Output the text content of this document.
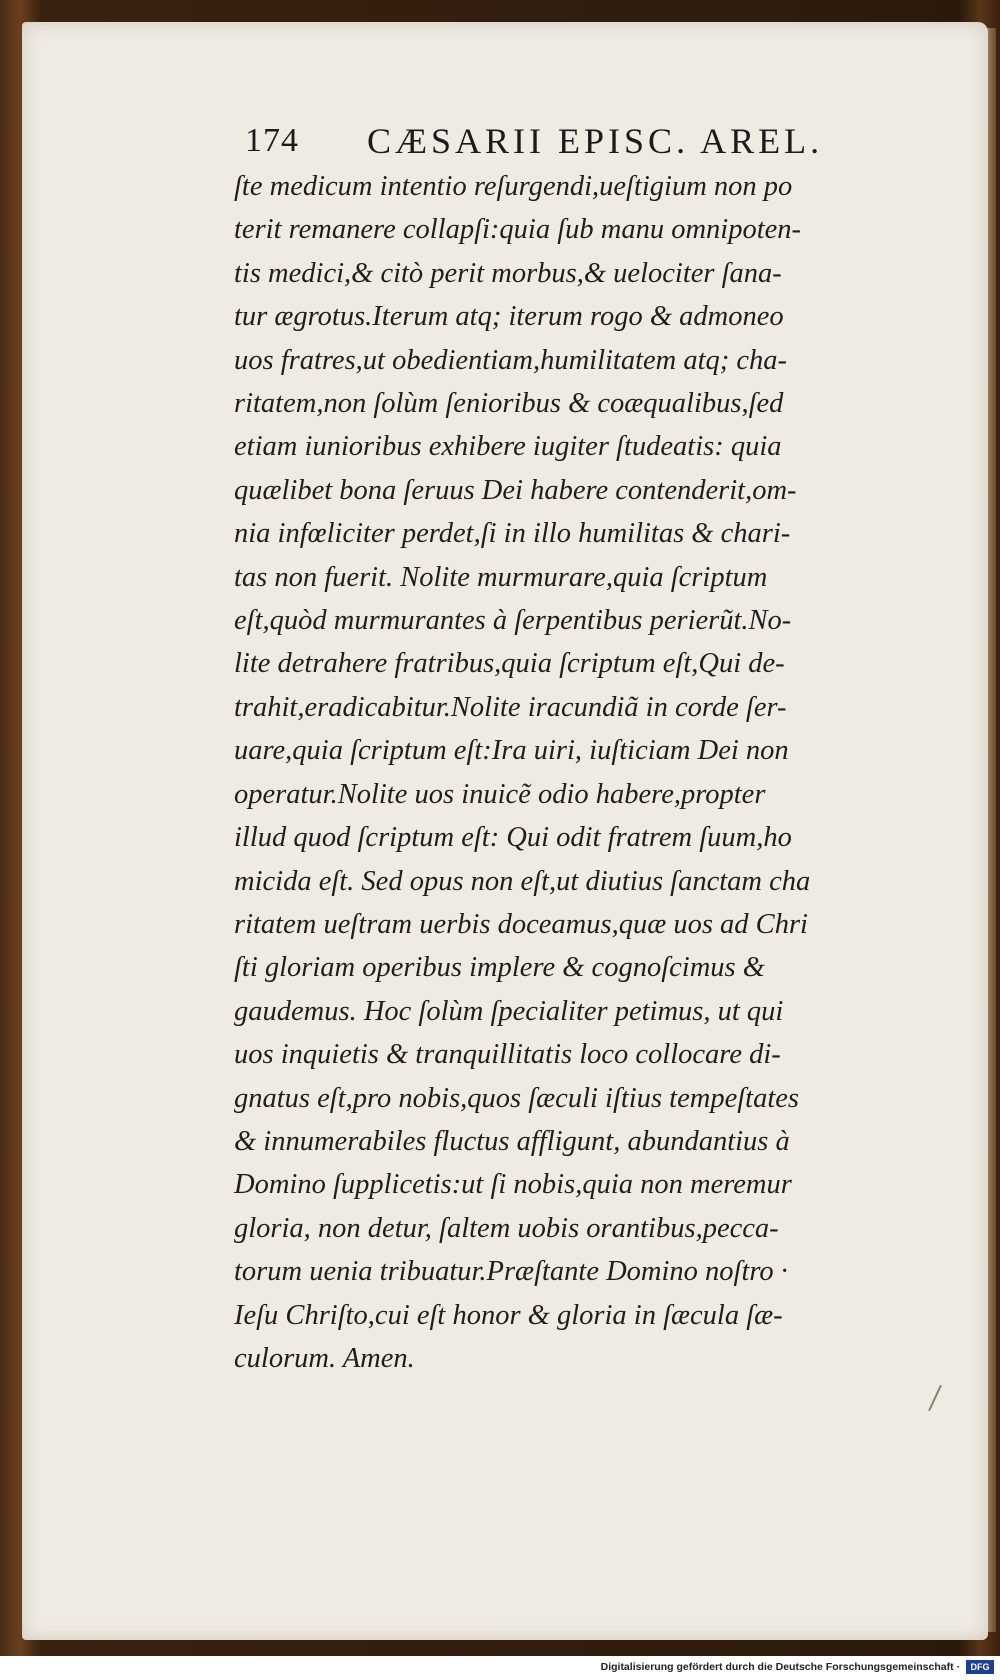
174 CÆSARII EPISC. AREL.
ſte medicum intentio reſurgendi,ueſtigium non po
terit remanere collapſi:quia ſub manu omnipoten-
tis medici,& citò perit morbus,& uelociter ſana-
tur ægrotus.Iterum atq; iterum rogo & admoneo
uos fratres,ut obedientiam,humilitatem atq; cha-
ritatem,non ſolùm ſenioribus & coæqualibus,ſed
etiam iunioribus exhibere iugiter ſtudeatis: quia
quælibet bona ſeruus Dei habere contenderit,om-
nia infœliciter perdet,ſi in illo humilitas & chari-
tas non fuerit. Nolite murmurare,quia ſcriptum
eſt,quòd murmurantes à ſerpentibus perierũt.No-
lite detrahere fratribus,quia ſcriptum eſt,Qui de-
trahit,eradicabitur.Nolite iracundiã in corde ſer-
uare,quia ſcriptum eſt:Ira uiri, iuſticiam Dei non
operatur.Nolite uos inuicẽ odio habere,propter
illud quod ſcriptum eſt: Qui odit fratrem ſuum,ho
micida eſt. Sed opus non eſt,ut diutius ſanctam cha
ritatem ueſtram uerbis doceamus,quæ uos ad Chri
ſti gloriam operibus implere & cognoſcimus &
gaudemus. Hoc ſolùm ſpecialiter petimus, ut qui
uos inquietis & tranquillitatis loco collocare di-
gnatus eſt,pro nobis,quos ſæculi iſtius tempeſtates
& innumerabiles fluctus affligunt, abundantius à
Domino ſupplicetis:ut ſi nobis,quia non meremur
gloria, non detur, ſaltem uobis orantibus,pecca-
torum uenia tribuatur.Præſtante Domino noſtro ·
Ieſu Chriſto,cui eſt honor & gloria in ſæcula ſæ-
culorum. Amen.
Digitalisierung gefördert durch die Deutsche Forschungsgemeinschaft ·	DFG
